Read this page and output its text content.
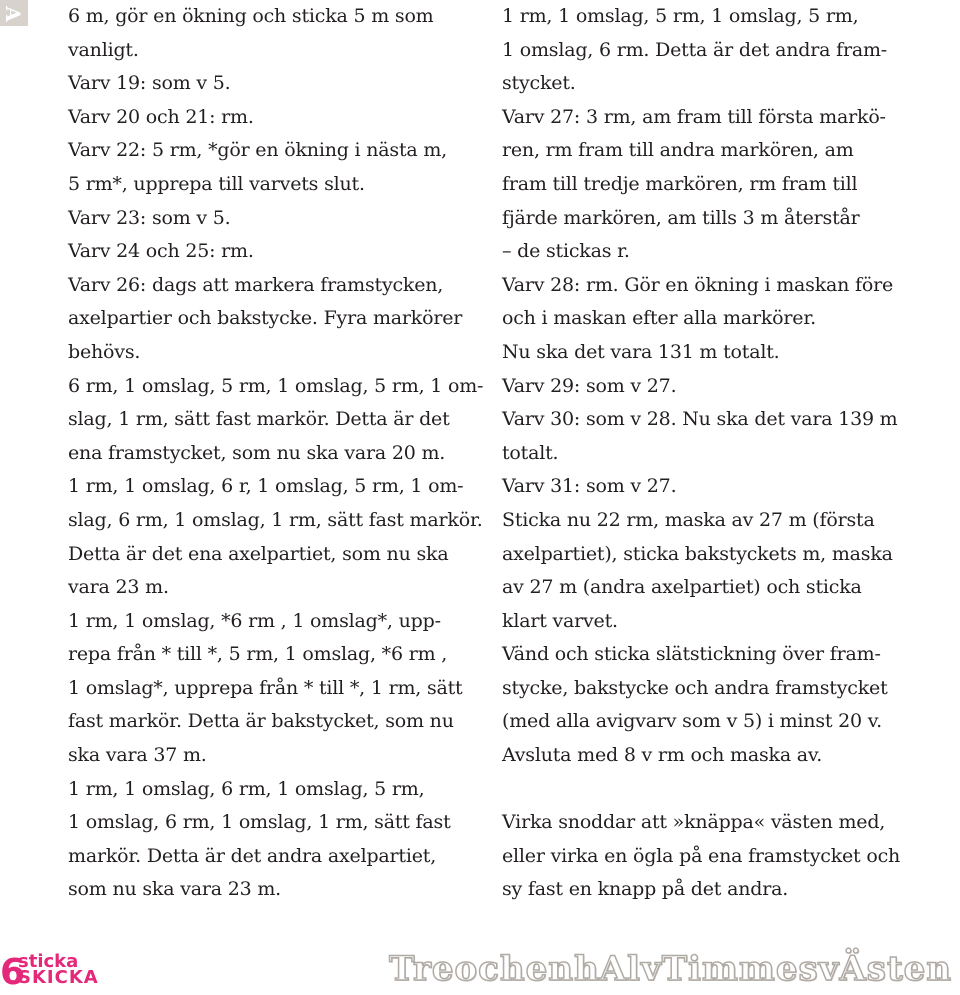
A 6 m, gör en ökning och sticka 5 m som
vanligt.
Varv 19: som v 5.
Varv 20 och 21: rm.
Varv 22: 5 rm, *gör en ökning i nästa m,
5 rm*, upprepa till varvets slut.
Varv 23: som v 5.
Varv 24 och 25: rm.
Varv 26: dags att markera framstycken,
axelpartier och bakstycke. Fyra markörer
behövs.
6 rm, 1 omslag, 5 rm, 1 omslag, 5 rm, 1 om-
slag, 1 rm, sätt fast markör. Detta är det
ena framstycket, som nu ska vara 20 m.
1 rm, 1 omslag, 6 r, 1 omslag, 5 rm, 1 om-
slag, 6 rm, 1 omslag, 1 rm, sätt fast markör.
Detta är det ena axelpartiet, som nu ska
vara 23 m.
1 rm, 1 omslag, *6 rm , 1 omslag*, upp-
repa från * till *, 5 rm, 1 omslag, *6 rm ,
1 omslag*, upprepa från * till *, 1 rm, sätt
fast markör. Detta är bakstycket, som nu
ska vara 37 m.
1 rm, 1 omslag, 6 rm, 1 omslag, 5 rm,
1 omslag, 6 rm, 1 omslag, 1 rm, sätt fast
markör. Detta är det andra axelpartiet,
som nu ska vara 23 m.
1 rm, 1 omslag, 5 rm, 1 omslag, 5 rm,
1 omslag, 6 rm. Detta är det andra fram-
stycket.
Varv 27: 3 rm, am fram till första markö-
ren, rm fram till andra markören, am
fram till tredje markören, rm fram till
fjärde markören, am tills 3 m återstår
– de stickas r.
Varv 28: rm. Gör en ökning i maskan före
och i maskan efter alla markörer.
Nu ska det vara 131 m totalt.
Varv 29: som v 27.
Varv 30: som v 28. Nu ska det vara 139 m
totalt.
Varv 31: som v 27.
Sticka nu 22 rm, maska av 27 m (första
axelpartiet), sticka bakstyckets m, maska
av 27 m (andra axelpartiet) och sticka
klart varvet.
Vänd och sticka slätstickning över fram-
stycke, bakstycke och andra framstycket
(med alla avigvarv som v 5) i minst 20 v.
Avsluta med 8 v rm och maska av.
Virka snoddar att »knäppa« västen med,
eller virka en ögla på ena framstycket och
sy fast en knapp på det andra.
6
sticka
SKICKA	TreochenhAlvTimmesvÄsten
